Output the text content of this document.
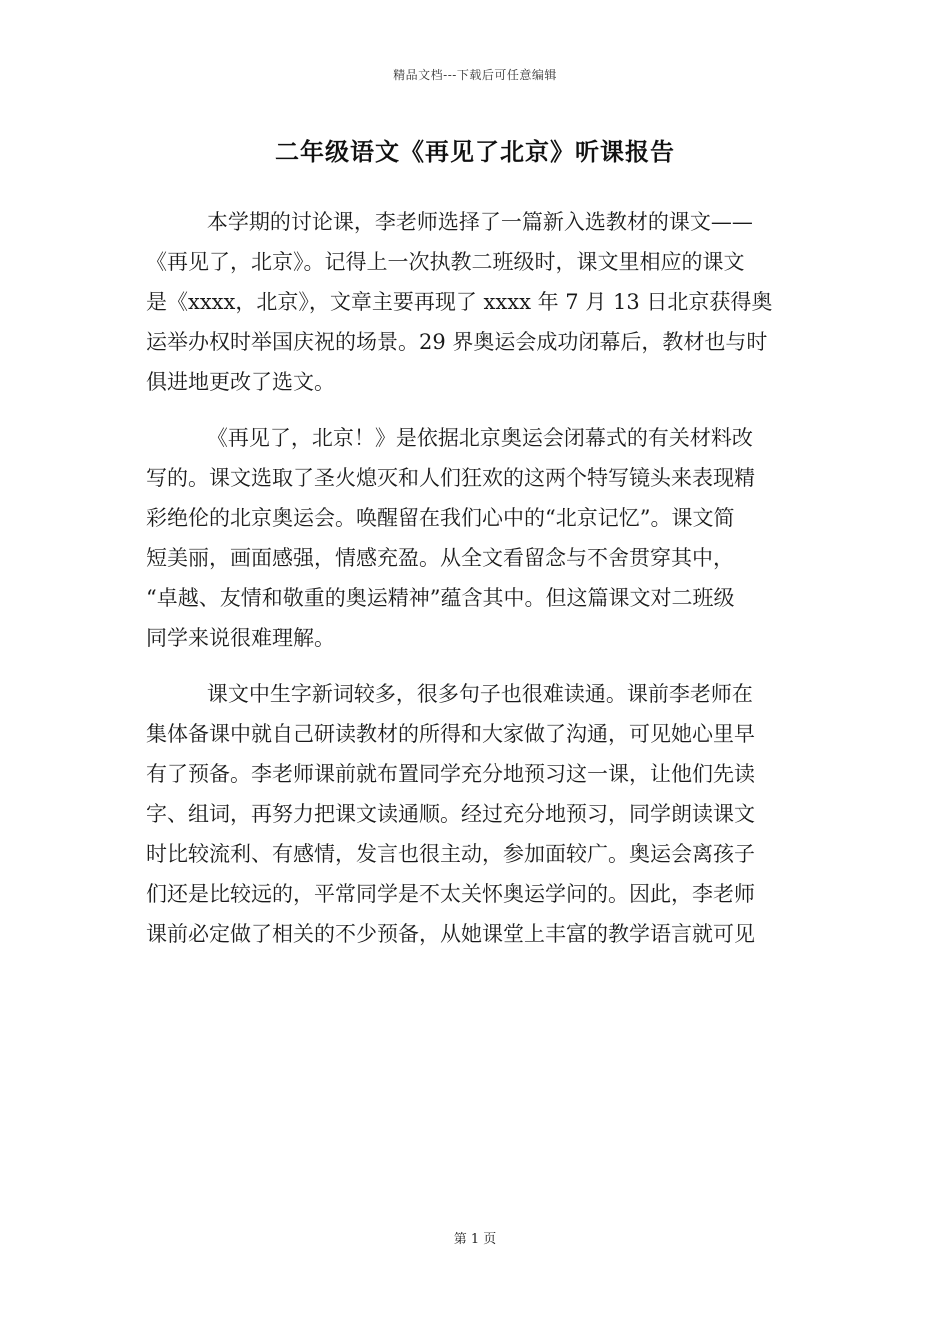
精品文档---下载后可任意编辑
二年级语文《再见了北京》听课报告

本学期的讨论课，李老师选择了一篇新入选教材的课文——
《再见了，北京》。记得上一次执教二班级时，课文里相应的课文
是《xxxx，北京》，文章主要再现了 xxxx 年 7 月 13 日北京获得奥
运举办权时举国庆祝的场景。29 界奥运会成功闭幕后，教材也与时
俱进地更改了选文。

《再见了，北京！》是依据北京奥运会闭幕式的有关材料改
写的。课文选取了圣火熄灭和人们狂欢的这两个特写镜头来表现精
彩绝伦的北京奥运会。唤醒留在我们心中的“北京记忆”。课文简
短美丽，画面感强，情感充盈。从全文看留念与不舍贯穿其中，
“卓越、友情和敬重的奥运精神”蕴含其中。但这篇课文对二班级
同学来说很难理解。

课文中生字新词较多，很多句子也很难读通。课前李老师在
集体备课中就自己研读教材的所得和大家做了沟通，可见她心里早
有了预备。李老师课前就布置同学充分地预习这一课，让他们先读
字、组词，再努力把课文读通顺。经过充分地预习，同学朗读课文
时比较流利、有感情，发言也很主动，参加面较广。奥运会离孩子
们还是比较远的，平常同学是不太关怀奥运学问的。因此，李老师
课前必定做了相关的不少预备，从她课堂上丰富的教学语言就可见

第 1 页
